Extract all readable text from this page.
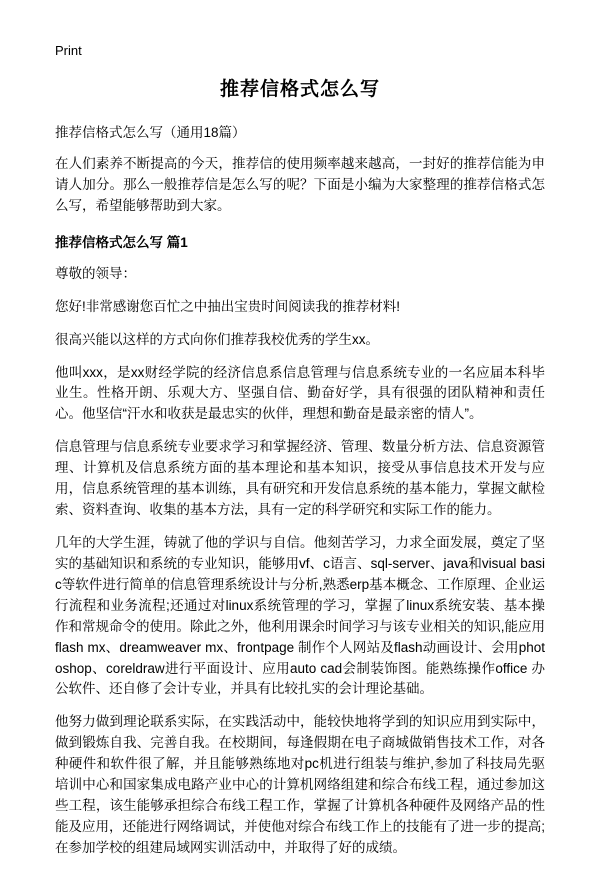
Print
推荐信格式怎么写
推荐信格式怎么写（通用18篇）

在人们素养不断提高的今天，推荐信的使用频率越来越高，一封好的推荐信能为申请人加分。那么一般推荐信是怎么写的呢？下面是小编为大家整理的推荐信格式怎么写，希望能够帮助到大家。

推荐信格式怎么写 篇1

尊敬的领导：

您好!非常感谢您百忙之中抽出宝贵时间阅读我的推荐材料!

很高兴能以这样的方式向你们推荐我校优秀的学生xx。

他叫xxx，是xx财经学院的经济信息系信息管理与信息系统专业的一名应届本科毕业生。性格开朗、乐观大方、坚强自信、勤奋好学，具有很强的团队精神和责任心。他坚信“汗水和收获是最忠实的伙伴，理想和勤奋是最亲密的情人”。

信息管理与信息系统专业要求学习和掌握经济、管理、数量分析方法、信息资源管理、计算机及信息系统方面的基本理论和基本知识，接受从事信息技术开发与应用，信息系统管理的基本训练，具有研究和开发信息系统的基本能力，掌握文献检索、资料查询、收集的基本方法，具有一定的科学研究和实际工作的能力。

几年的大学生涯，铸就了他的学识与自信。他刻苦学习，力求全面发展，奠定了坚实的基础知识和系统的专业知识，能够用vf、c语言、sql-server、java和visual basic等软件进行简单的信息管理系统设计与分析,熟悉erp基本概念、工作原理、企业运行流程和业务流程;还通过对linux系统管理的学习，掌握了linux系统安装、基本操作和常规命令的使用。除此之外，他利用课余时间学习与该专业相关的知识,能应用flash mx、dreamweaver mx、frontpage 制作个人网站及flash动画设计、会用photoshop、coreldraw进行平面设计、应用auto cad会制装饰图。能熟练操作office 办公软件、还自修了会计专业，并具有比较扎实的会计理论基础。

他努力做到理论联系实际，在实践活动中，能较快地将学到的知识应用到实际中，做到锻炼自我、完善自我。在校期间，每逢假期在电子商城做销售技术工作，对各种硬件和软件很了解，并且能够熟练地对pc机进行组装与维护,参加了科技局先驱培训中心和国家集成电路产业中心的计算机网络组建和综合布线工程，通过参加这些工程，该生能够承担综合布线工程工作，掌握了计算机各种硬件及网络产品的性能及应用，还能进行网络调试，并使他对综合布线工作上的技能有了进一步的提高;在参加学校的组建局域网实训活动中，并取得了好的成绩。
